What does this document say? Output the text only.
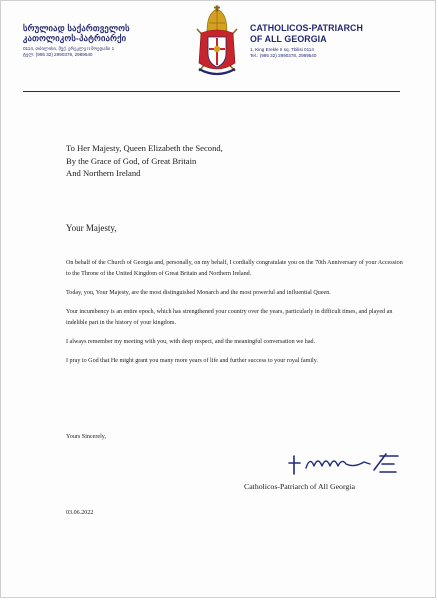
სრულიად საქართველოს
კათოლიკოს-პატრიარქი
0114, თბილისი, შუქ. ერეკლე II მოედანი 1
ტელ: (995 32) 2990378, 2989540
CATHOLICOS-PATRIARCH
OF ALL GEORGIA
1, King Erekle II sq. Tbilisi 0114
Tel.: (995 32) 2990378, 2989540
To Her Majesty, Queen Elizabeth the Second,
By the Grace of God, of Great Britain
And Northern Ireland
Your Majesty,

On behalf of the Church of Georgia and, personally, on my behalf, I cordially congratulate you on the 70th Anniversary of your Accession to the Throne of the United Kingdom of Great Britain and Northern Ireland.

Today, you, Your Majesty, are the most distinguished Monarch and the most powerful and influential Queen.

Your incumbency is an entire epoch, which has strengthened your country over the years, particularly in difficult times, and played an indelible part in the history of your kingdom.

I always remember my meeting with you, with deep respect, and the meaningful conversation we had.

I pray to God that He might grant you many more years of life and further success to your royal family.

Yours Sincerely,
Catholicos-Patriarch of All Georgia
03.06.2022
